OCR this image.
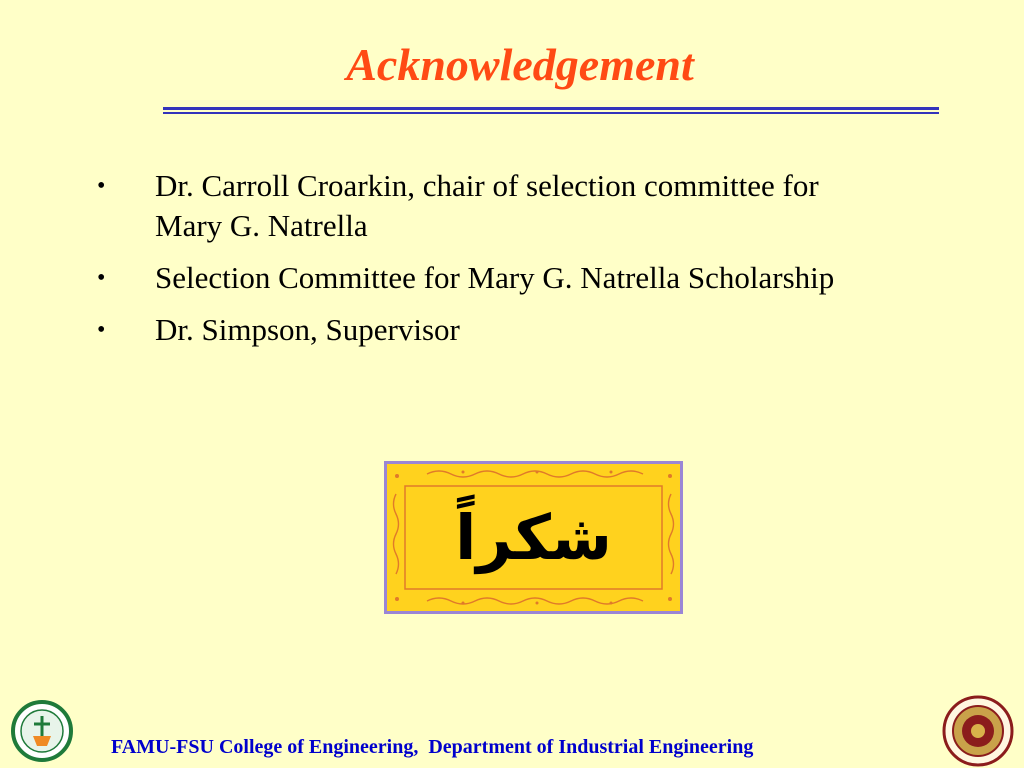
Acknowledgement
• Dr. Carroll Croarkin, chair of selection committee for Mary G. Natrella
• Selection Committee for Mary G. Natrella Scholarship
• Dr. Simpson, Supervisor
شكراً
FAMU-FSU College of Engineering,  Department of Industrial Engineering
